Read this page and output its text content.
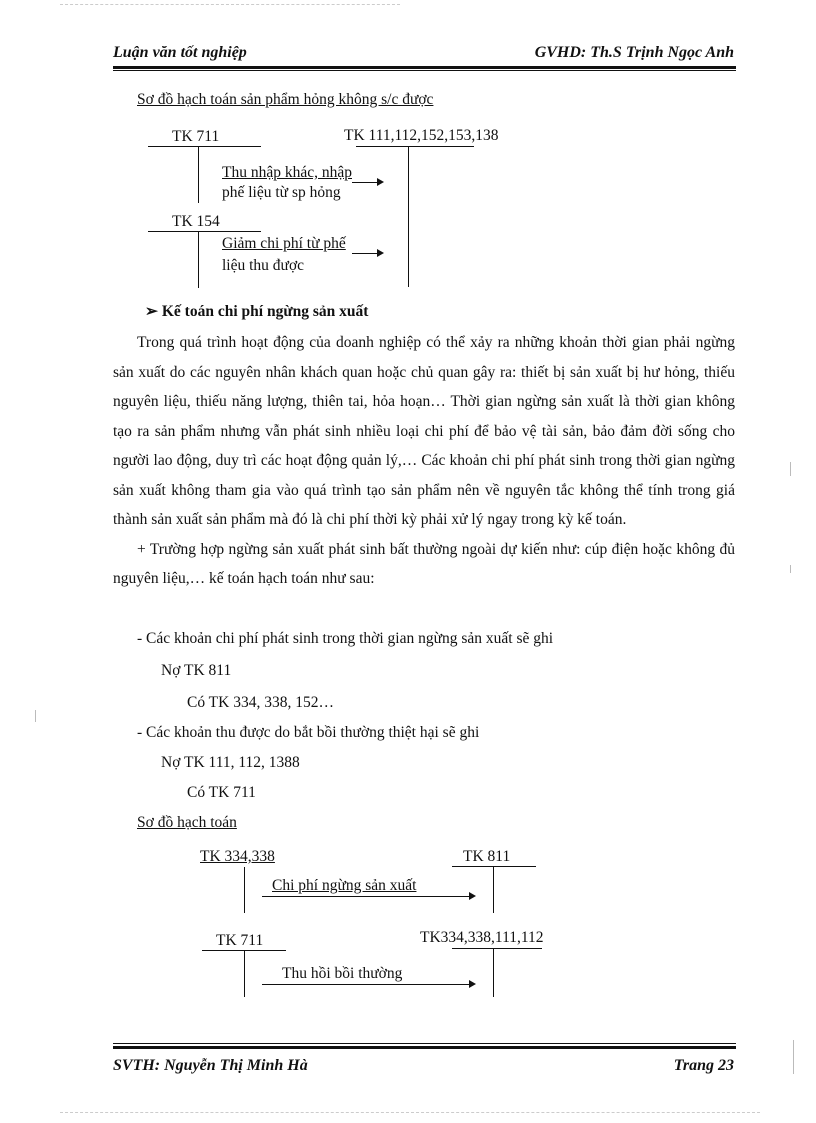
Luận văn tốt nghiệp	GVHD: Th.S Trịnh Ngọc Anh
Sơ đồ hạch toán sản phẩm hỏng không s/c được
TK 711	TK 111,112,152,153,138
Thu nhập khác, nhập
phế liệu từ sp hỏng
TK 154
Giảm chi phí từ phế
liệu thu được
➢ Kế toán chi phí ngừng sản xuất

Trong quá trình hoạt động của doanh nghiệp có thể xảy ra những khoản thời gian phải ngừng sản xuất do các nguyên nhân khách quan hoặc chủ quan gây ra: thiết bị sản xuất bị hư hỏng, thiếu nguyên liệu, thiếu năng lượng, thiên tai, hỏa hoạn… Thời gian ngừng sản xuất là thời gian không tạo ra sản phẩm nhưng vẫn phát sinh nhiều loại chi phí để bảo vệ tài sản, bảo đảm đời sống cho người lao động, duy trì các hoạt động quản lý,… Các khoản chi phí phát sinh trong thời gian ngừng sản xuất không tham gia vào quá trình tạo sản phẩm nên về nguyên tắc không thể tính trong giá thành sản xuất sản phẩm mà đó là chi phí thời kỳ phải xử lý ngay trong kỳ kế toán.

+ Trường hợp ngừng sản xuất phát sinh bất thường ngoài dự kiến như: cúp điện hoặc không đủ nguyên liệu,… kế toán hạch toán như sau:

- Các khoản chi phí phát sinh trong thời gian ngừng sản xuất sẽ ghi
Nợ TK 811
Có TK 334, 338, 152…
- Các khoản thu được do bắt bồi thường thiệt hại sẽ ghi
Nợ TK 111, 112, 1388
Có TK 711
Sơ đồ hạch toán
TK 334,338	TK 811
Chi phí ngừng sản xuất
TK 711	TK334,338,111,112
Thu hồi bồi thường
SVTH: Nguyễn Thị Minh Hà	Trang 23
